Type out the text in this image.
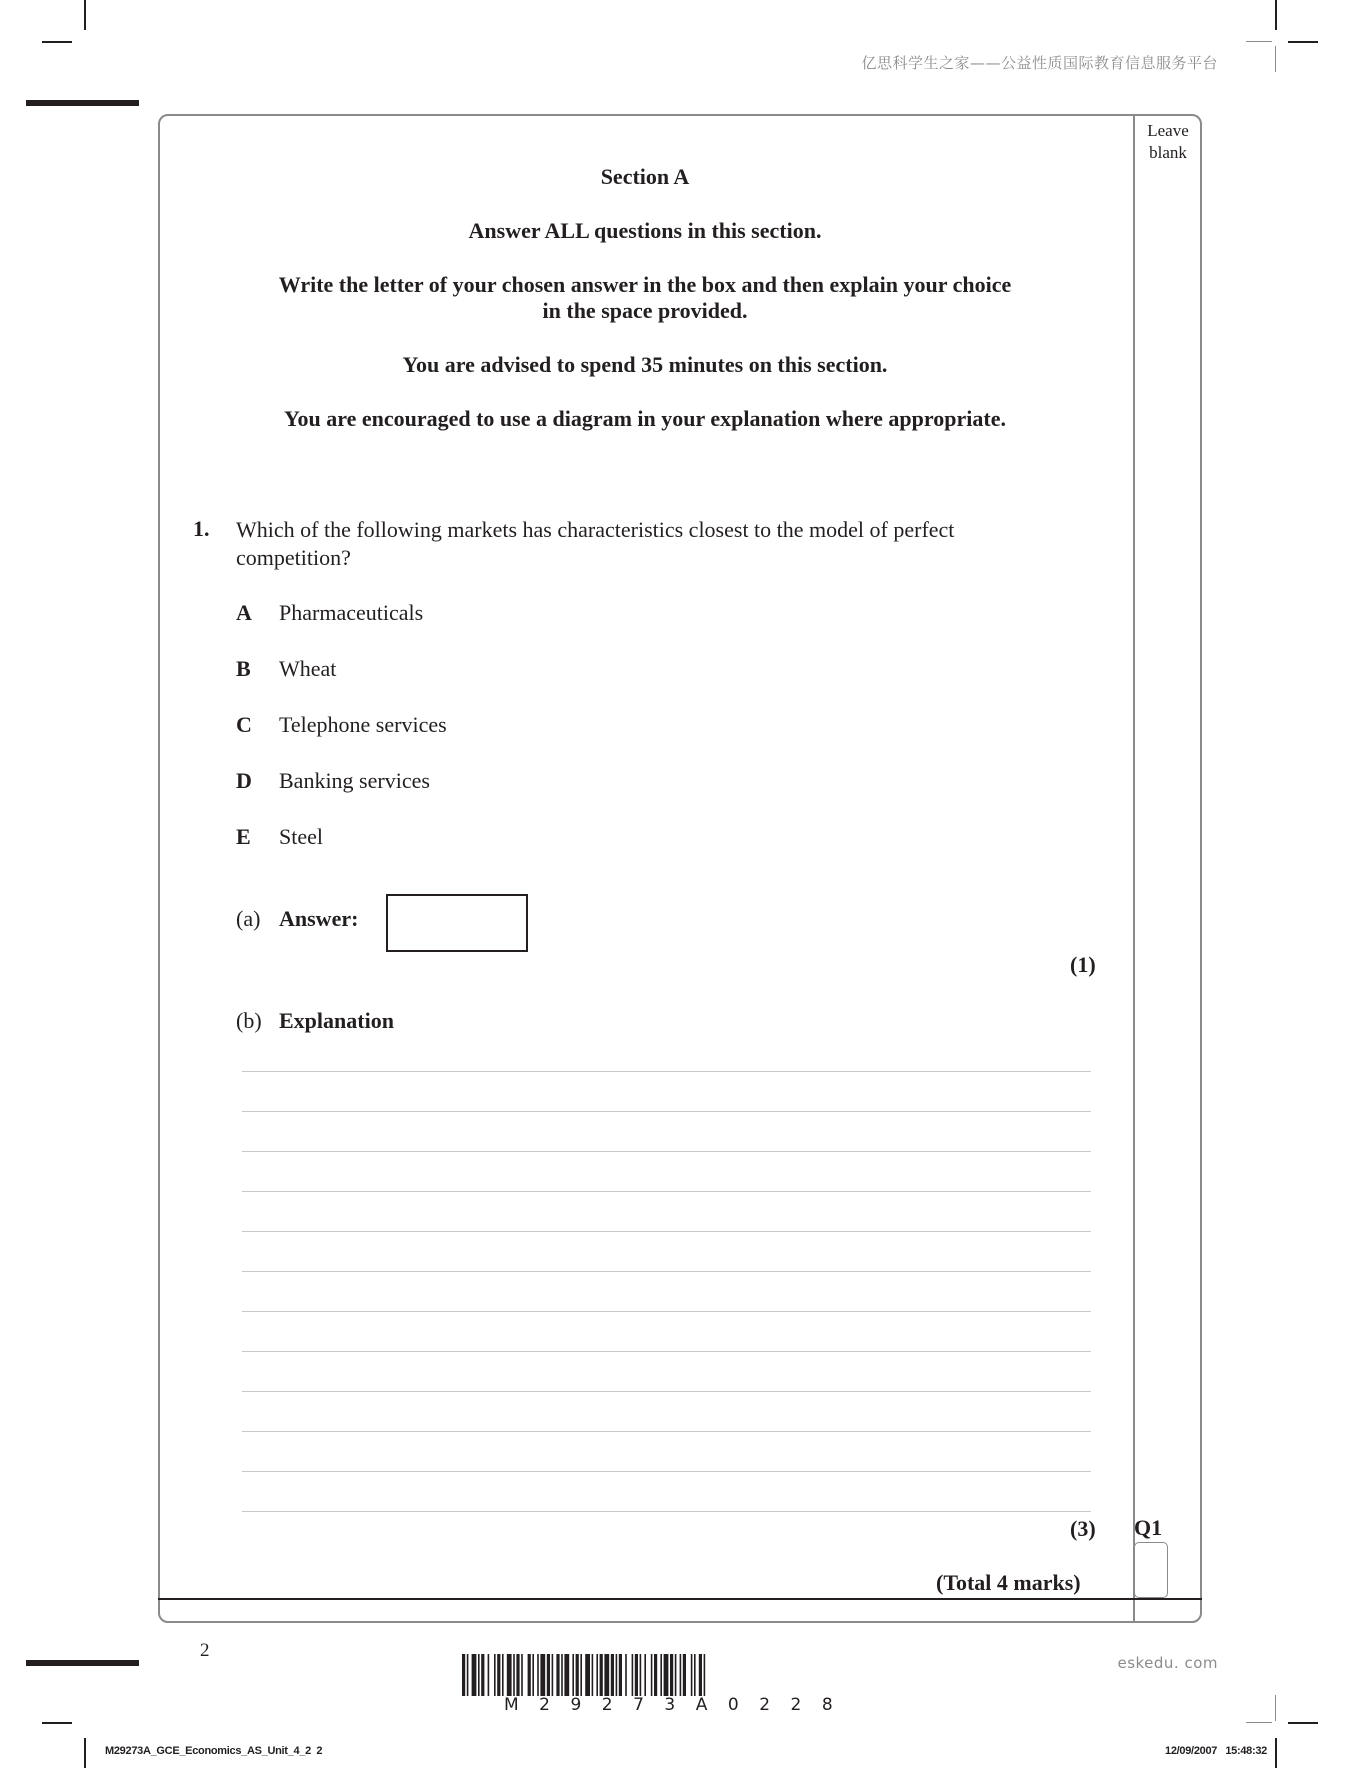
亿思科学生之家——公益性质国际教育信息服务平台
Leave blank
Section A
Answer ALL questions in this section.
Write the letter of your chosen answer in the box and then explain your choice
in the space provided.
You are advised to spend 35 minutes on this section.
You are encouraged to use a diagram in your explanation where appropriate.
1. Which of the following markets has characteristics closest to the model of perfect
competition?
A Pharmaceuticals
B Wheat
C Telephone services
D Banking services
E Steel
(a) Answer:
(1)
(b) Explanation
(3)
(Total 4 marks)
Q1
2
M29273A0228
eskedu. com
M29273A_GCE_Economics_AS_Unit_4_2  2	12/09/2007   15:48:32
